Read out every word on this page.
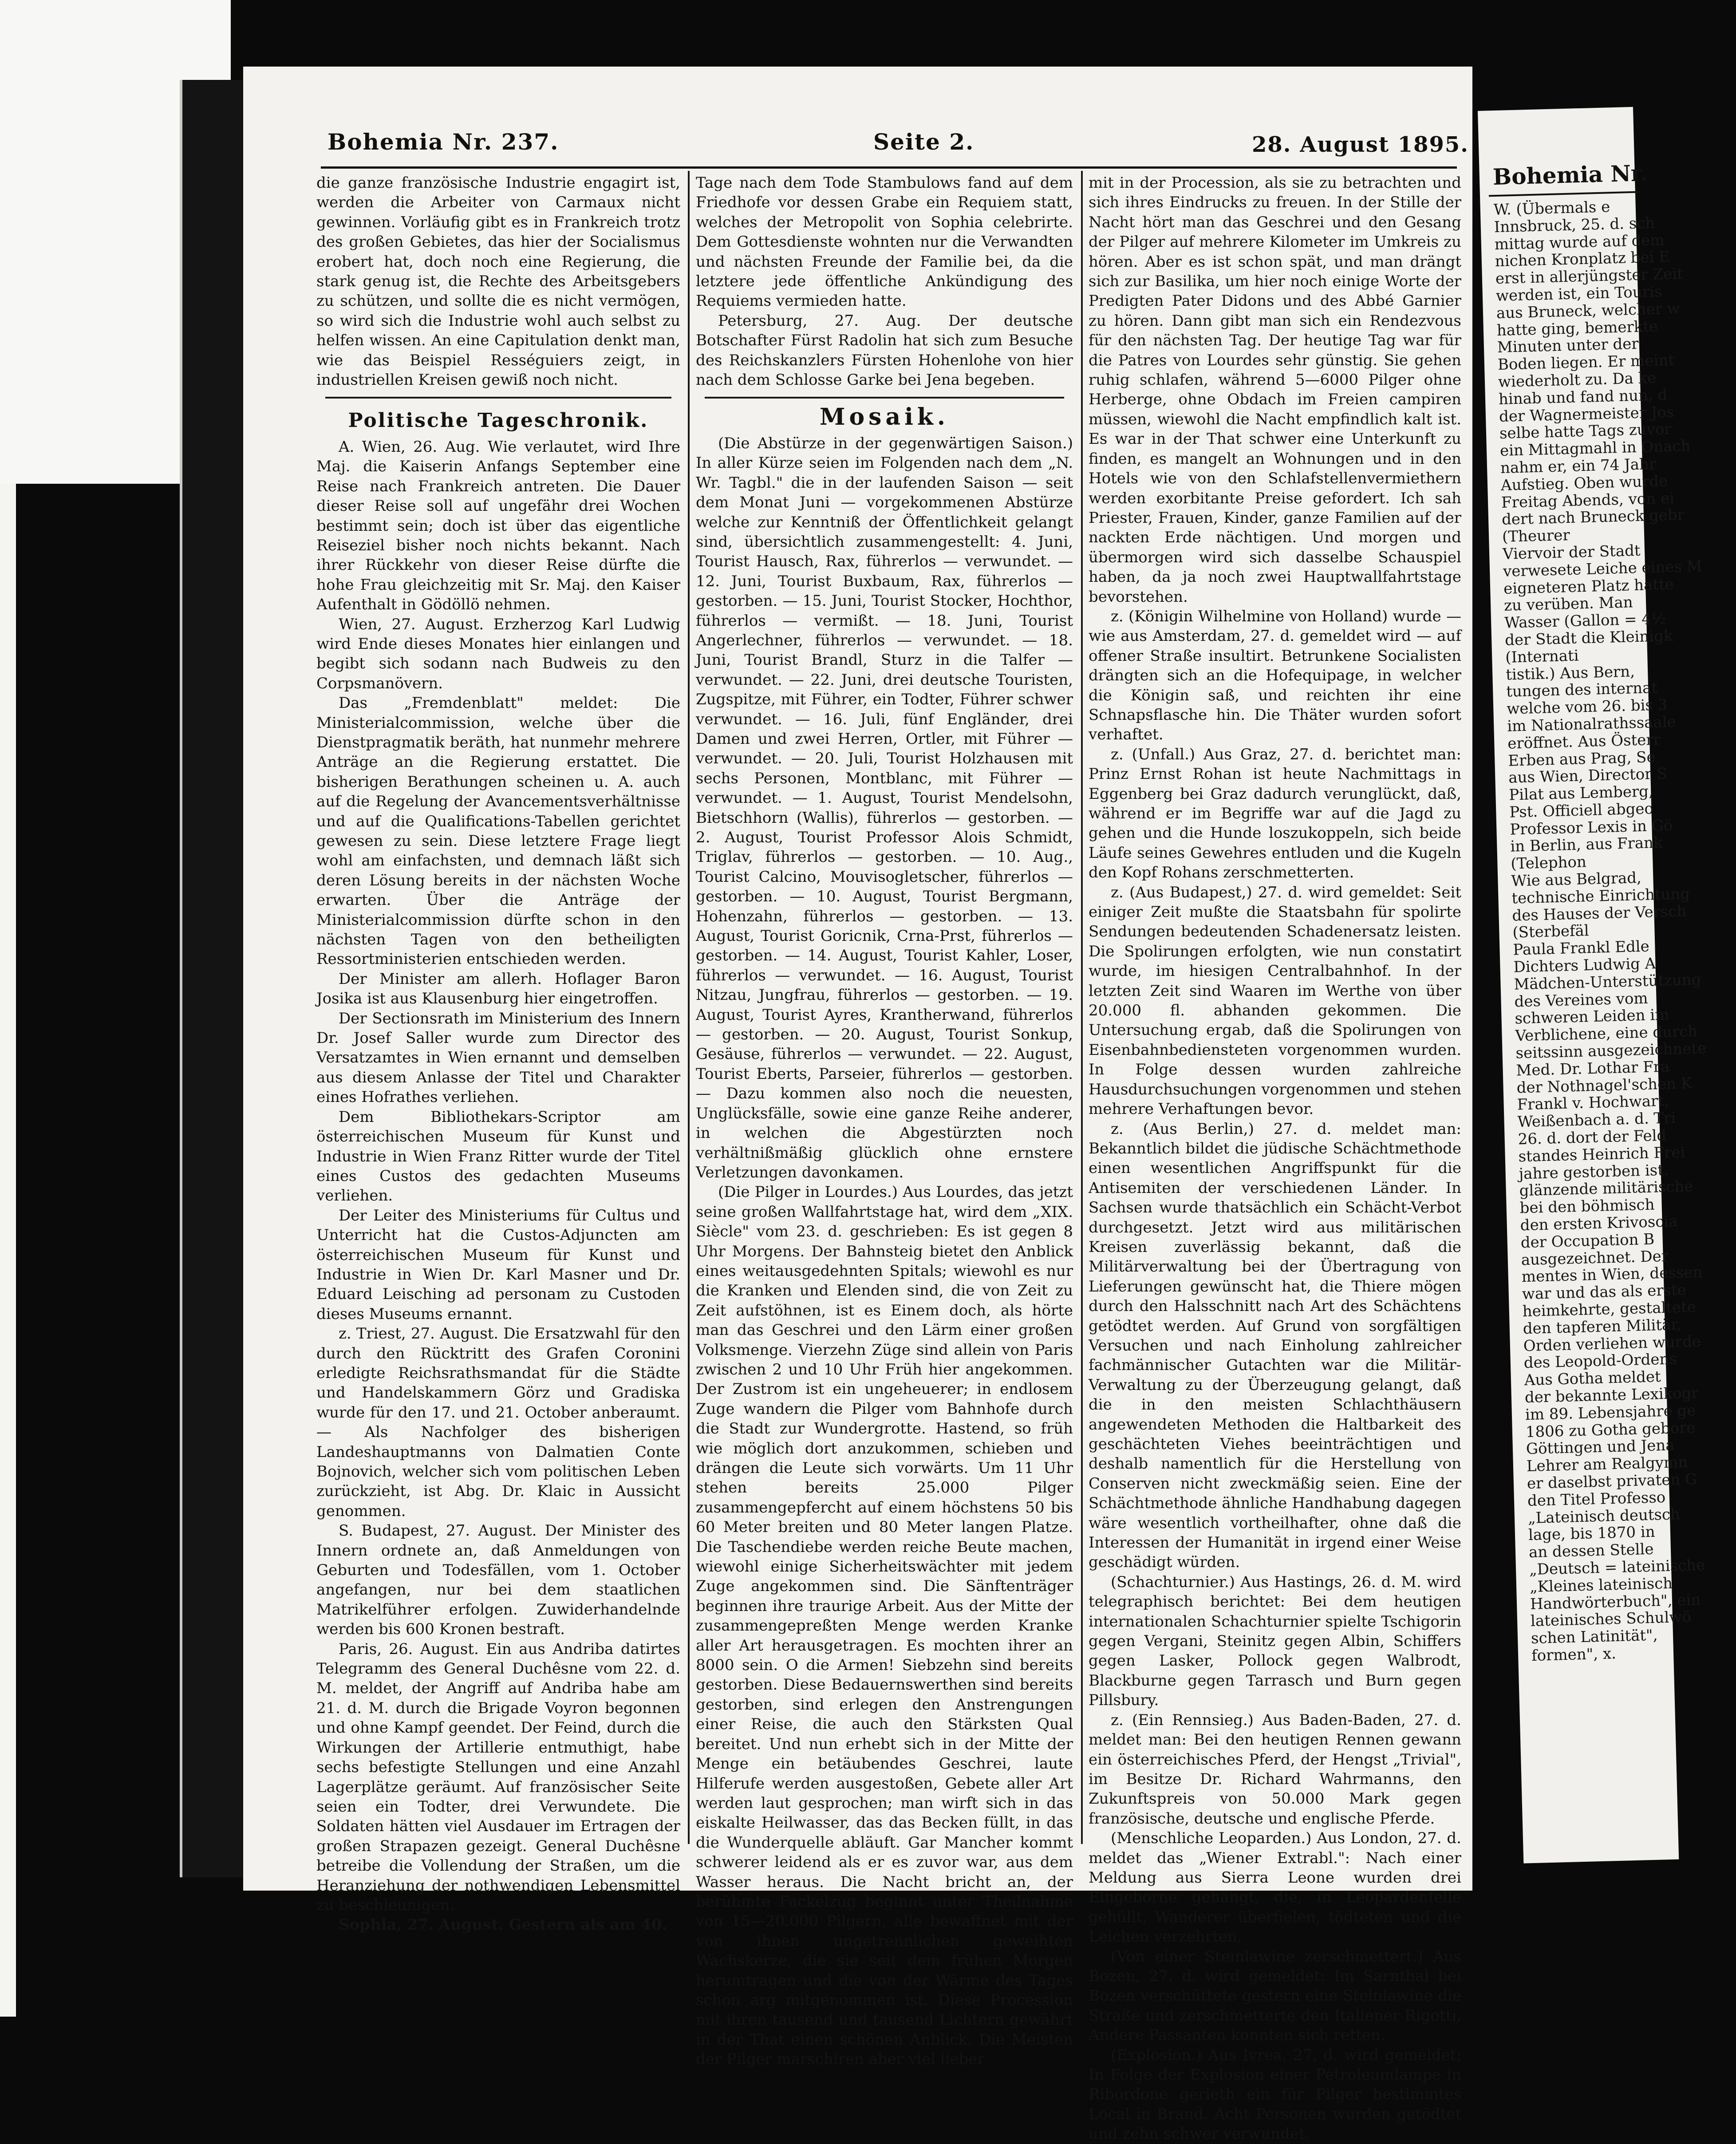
Bohemia Nr. 237.	Seite 2.	28. August 1895.

die ganze französische Industrie engagirt ist, werden die Arbeiter von Carmaux nicht gewinnen. Vorläufig gibt es in Frankreich trotz des großen Gebietes, das hier der Socialismus erobert hat, doch noch eine Regierung, die stark genug ist, die Rechte des Arbeitsgebers zu schützen, und sollte die es nicht vermögen, so wird sich die Industrie wohl auch selbst zu helfen wissen. An eine Capitulation denkt man, wie das Beispiel Rességuiers zeigt, in industriellen Kreisen gewiß noch nicht.

Politische Tageschronik.

A. Wien, 26. Aug. Wie verlautet, wird Ihre Maj. die Kaiserin Anfangs September eine Reise nach Frankreich antreten. Die Dauer dieser Reise soll auf ungefähr drei Wochen bestimmt sein; doch ist über das eigentliche Reiseziel bisher noch nichts bekannt. Nach ihrer Rückkehr von dieser Reise dürfte die hohe Frau gleichzeitig mit Sr. Maj. den Kaiser Aufenthalt in Gödöllö nehmen.

Wien, 27. August. Erzherzog Karl Ludwig wird Ende dieses Monates hier einlangen und begibt sich sodann nach Budweis zu den Corpsmanövern.

Das „Fremdenblatt" meldet: Die Ministerialcommission, welche über die Dienstpragmatik beräth, hat nunmehr mehrere Anträge an die Regierung erstattet. Die bisherigen Berathungen scheinen u. A. auch auf die Regelung der Avancementsverhältnisse und auf die Qualifications-Tabellen gerichtet gewesen zu sein. Diese letztere Frage liegt wohl am einfachsten, und demnach läßt sich deren Lösung bereits in der nächsten Woche erwarten. Über die Anträge der Ministerialcommission dürfte schon in den nächsten Tagen von den betheiligten Ressortministerien entschieden werden.

Der Minister am allerh. Hoflager Baron Josika ist aus Klausenburg hier eingetroffen.

Der Sectionsrath im Ministerium des Innern Dr. Josef Saller wurde zum Director des Versatzamtes in Wien ernannt und demselben aus diesem Anlasse der Titel und Charakter eines Hofrathes verliehen.

Dem Bibliothekars-Scriptor am österreichischen Museum für Kunst und Industrie in Wien Franz Ritter wurde der Titel eines Custos des gedachten Museums verliehen.

Der Leiter des Ministeriums für Cultus und Unterricht hat die Custos-Adjuncten am österreichischen Museum für Kunst und Industrie in Wien Dr. Karl Masner und Dr. Eduard Leisching ad personam zu Custoden dieses Museums ernannt.

z. Triest, 27. August. Die Ersatzwahl für den durch den Rücktritt des Grafen Coronini erledigte Reichsrathsmandat für die Städte und Handelskammern Görz und Gradiska wurde für den 17. und 21. October anberaumt. — Als Nachfolger des bisherigen Landeshauptmanns von Dalmatien Conte Bojnovich, welcher sich vom politischen Leben zurückzieht, ist Abg. Dr. Klaic in Aussicht genommen.

S. Budapest, 27. August. Der Minister des Innern ordnete an, daß Anmeldungen von Geburten und Todesfällen, vom 1. October angefangen, nur bei dem staatlichen Matrikelführer erfolgen. Zuwiderhandelnde werden bis 600 Kronen bestraft.

Paris, 26. August. Ein aus Andriba datirtes Telegramm des General Duchêsne vom 22. d. M. meldet, der Angriff auf Andriba habe am 21. d. M. durch die Brigade Voyron begonnen und ohne Kampf geendet. Der Feind, durch die Wirkungen der Artillerie entmuthigt, habe sechs befestigte Stellungen und eine Anzahl Lagerplätze geräumt. Auf französischer Seite seien ein Todter, drei Verwundete. Die Soldaten hätten viel Ausdauer im Ertragen der großen Strapazen gezeigt. General Duchêsne betreibe die Vollendung der Straßen, um die Heranziehung der nothwendigen Lebensmittel zu beschleunigen.

Sophia, 27. August. Gestern als am 40.

Tage nach dem Tode Stambulows fand auf dem Friedhofe vor dessen Grabe ein Requiem statt, welches der Metropolit von Sophia celebrirte. Dem Gottesdienste wohnten nur die Verwandten und nächsten Freunde der Familie bei, da die letztere jede öffentliche Ankündigung des Requiems vermieden hatte.

Petersburg, 27. Aug. Der deutsche Botschafter Fürst Radolin hat sich zum Besuche des Reichskanzlers Fürsten Hohenlohe von hier nach dem Schlosse Garke bei Jena begeben.

Mosaik.

(Die Abstürze in der gegenwärtigen Saison.) In aller Kürze seien im Folgenden nach dem „N. Wr. Tagbl." die in der laufenden Saison — seit dem Monat Juni — vorgekommenen Abstürze welche zur Kenntniß der Öffentlichkeit gelangt sind, übersichtlich zusammengestellt: 4. Juni, Tourist Hausch, Rax, führerlos — verwundet. — 12. Juni, Tourist Buxbaum, Rax, führerlos — gestorben. — 15. Juni, Tourist Stocker, Hochthor, führerlos — vermißt. — 18. Juni, Tourist Angerlechner, führerlos — verwundet. — 18. Juni, Tourist Brandl, Sturz in die Talfer — verwundet. — 22. Juni, drei deutsche Touristen, Zugspitze, mit Führer, ein Todter, Führer schwer verwundet. — 16. Juli, fünf Engländer, drei Damen und zwei Herren, Ortler, mit Führer — verwundet. — 20. Juli, Tourist Holzhausen mit sechs Personen, Montblanc, mit Führer — verwundet. — 1. August, Tourist Mendelsohn, Bietschhorn (Wallis), führerlos — gestorben. — 2. August, Tourist Professor Alois Schmidt, Triglav, führerlos — gestorben. — 10. Aug., Tourist Calcino, Mouvisogletscher, führerlos — gestorben. — 10. August, Tourist Bergmann, Hohenzahn, führerlos — gestorben. — 13. August, Tourist Goricnik, Crna-Prst, führerlos — gestorben. — 14. August, Tourist Kahler, Loser, führerlos — verwundet. — 16. August, Tourist Nitzau, Jungfrau, führerlos — gestorben. — 19. August, Tourist Ayres, Krantherwand, führerlos — gestorben. — 20. August, Tourist Sonkup, Gesäuse, führerlos — verwundet. — 22. August, Tourist Eberts, Parseier, führerlos — gestorben. — Dazu kommen also noch die neuesten, Unglücksfälle, sowie eine ganze Reihe anderer, in welchen die Abgestürzten noch verhältnißmäßig glücklich ohne ernstere Verletzungen davonkamen.

(Die Pilger in Lourdes.) Aus Lourdes, das jetzt seine großen Wallfahrtstage hat, wird dem „XIX. Siècle" vom 23. d. geschrieben: Es ist gegen 8 Uhr Morgens. Der Bahnsteig bietet den Anblick eines weitausgedehnten Spitals; wiewohl es nur die Kranken und Elenden sind, die von Zeit zu Zeit aufstöhnen, ist es Einem doch, als hörte man das Geschrei und den Lärm einer großen Volksmenge. Vierzehn Züge sind allein von Paris zwischen 2 und 10 Uhr Früh hier angekommen. Der Zustrom ist ein ungeheuerer; in endlosem Zuge wandern die Pilger vom Bahnhofe durch die Stadt zur Wundergrotte. Hastend, so früh wie möglich dort anzukommen, schieben und drängen die Leute sich vorwärts. Um 11 Uhr stehen bereits 25.000 Pilger zusammengepfercht auf einem höchstens 50 bis 60 Meter breiten und 80 Meter langen Platze. Die Taschendiebe werden reiche Beute machen, wiewohl einige Sicherheitswächter mit jedem Zuge angekommen sind. Die Sänftenträger beginnen ihre traurige Arbeit. Aus der Mitte der zusammengepreßten Menge werden Kranke aller Art herausgetragen. Es mochten ihrer an 8000 sein. O die Armen! Siebzehn sind bereits gestorben. Diese Bedauernswerthen sind bereits gestorben, sind erlegen den Anstrengungen einer Reise, die auch den Stärksten Qual bereitet. Und nun erhebt sich in der Mitte der Menge ein betäubendes Geschrei, laute Hilferufe werden ausgestoßen, Gebete aller Art werden laut gesprochen; man wirft sich in das eiskalte Heilwasser, das das Becken füllt, in das die Wunderquelle abläuft. Gar Mancher kommt schwerer leidend als er es zuvor war, aus dem Wasser heraus. Die Nacht bricht an, der berühmte Fackelzug beginnt unter Theilnahme von 15—20.000 Pilgern, alle bewaffnet mit der von ihnen ungetrennlichen geweihten Wachskerze, die sie seit dem frühen Morgen herumtragen und die von der Wärme des Tages schon arg mitgenommen ist. Diese Procession mit ihren tausend und tausend Lichtern gewährt in der That einen schönen Anblick. Die Meisten der Pilger marschiren aber viel lieber

mit in der Procession, als sie zu betrachten und sich ihres Eindrucks zu freuen. In der Stille der Nacht hört man das Geschrei und den Gesang der Pilger auf mehrere Kilometer im Umkreis zu hören. Aber es ist schon spät, und man drängt sich zur Basilika, um hier noch einige Worte der Predigten Pater Didons und des Abbé Garnier zu hören. Dann gibt man sich ein Rendezvous für den nächsten Tag. Der heutige Tag war für die Patres von Lourdes sehr günstig. Sie gehen ruhig schlafen, während 5—6000 Pilger ohne Herberge, ohne Obdach im Freien campiren müssen, wiewohl die Nacht empfindlich kalt ist. Es war in der That schwer eine Unterkunft zu finden, es mangelt an Wohnungen und in den Hotels wie von den Schlafstellenvermiethern werden exorbitante Preise gefordert. Ich sah Priester, Frauen, Kinder, ganze Familien auf der nackten Erde nächtigen. Und morgen und übermorgen wird sich dasselbe Schauspiel haben, da ja noch zwei Hauptwallfahrtstage bevorstehen.

z. (Königin Wilhelmine von Holland) wurde — wie aus Amsterdam, 27. d. gemeldet wird — auf offener Straße insultirt. Betrunkene Socialisten drängten sich an die Hofequipage, in welcher die Königin saß, und reichten ihr eine Schnapsflasche hin. Die Thäter wurden sofort verhaftet.

z. (Unfall.) Aus Graz, 27. d. berichtet man: Prinz Ernst Rohan ist heute Nachmittags in Eggenberg bei Graz dadurch verunglückt, daß, während er im Begriffe war auf die Jagd zu gehen und die Hunde loszukoppeln, sich beide Läufe seines Gewehres entluden und die Kugeln den Kopf Rohans zerschmetterten.

z. (Aus Budapest,) 27. d. wird gemeldet: Seit einiger Zeit mußte die Staatsbahn für spolirte Sendungen bedeutenden Schadenersatz leisten. Die Spolirungen erfolgten, wie nun constatirt wurde, im hiesigen Centralbahnhof. In der letzten Zeit sind Waaren im Werthe von über 20.000 fl. abhanden gekommen. Die Untersuchung ergab, daß die Spolirungen von Eisenbahnbediensteten vorgenommen wurden. In Folge dessen wurden zahlreiche Hausdurchsuchungen vorgenommen und stehen mehrere Verhaftungen bevor.

z. (Aus Berlin,) 27. d. meldet man: Bekanntlich bildet die jüdische Schächtmethode einen wesentlichen Angriffspunkt für die Antisemiten der verschiedenen Länder. In Sachsen wurde thatsächlich ein Schächt-Verbot durchgesetzt. Jetzt wird aus militärischen Kreisen zuverlässig bekannt, daß die Militärverwaltung bei der Übertragung von Lieferungen gewünscht hat, die Thiere mögen durch den Halsschnitt nach Art des Schächtens getödtet werden. Auf Grund von sorgfältigen Versuchen und nach Einholung zahlreicher fachmännischer Gutachten war die Militär-Verwaltung zu der Überzeugung gelangt, daß die in den meisten Schlachthäusern angewendeten Methoden die Haltbarkeit des geschächteten Viehes beeinträchtigen und deshalb namentlich für die Herstellung von Conserven nicht zweckmäßig seien. Eine der Schächtmethode ähnliche Handhabung dagegen wäre wesentlich vortheilhafter, ohne daß die Interessen der Humanität in irgend einer Weise geschädigt würden.

(Schachturnier.) Aus Hastings, 26. d. M. wird telegraphisch berichtet: Bei dem heutigen internationalen Schachturnier spielte Tschigorin gegen Vergani, Steinitz gegen Albin, Schiffers gegen Lasker, Pollock gegen Walbrodt, Blackburne gegen Tarrasch und Burn gegen Pillsbury.

z. (Ein Rennsieg.) Aus Baden-Baden, 27. d. meldet man: Bei den heutigen Rennen gewann ein österreichisches Pferd, der Hengst „Trivial", im Besitze Dr. Richard Wahrmanns, den Zukunftspreis von 50.000 Mark gegen französische, deutsche und englische Pferde.

(Menschliche Leoparden.) Aus London, 27. d. meldet das „Wiener Extrabl.": Nach einer Meldung aus Sierra Leone wurden drei Eingeborne gehängt, die, in Leopardenfelle gehüllt, Wanderer überfielen, tödteten und die Leichen verzehrten.

(Von einer Steinlawine zerschmettert.) Aus Bozen, 27. d. wird gemeldet: Im Sarnthal bei Bozen verschüttete gestern eine Steinlawine die Straße und zerschmetterte den Italiener Rigotti. Andere Passanten konnten sich retten.

(Explosion.) Aus Ivrea, 27. d. wird gemeldet: In Folge der Explosion einer Petroleumlampe in Ribordone gerieth ein für Pilger bestimmtes Local in Brand. Acht Personen wurden getödtet und zehn schwer verwundet.

Bohemia Nr.
W. (Übermals e
Innsbruck, 25. d. sch
mittag wurde auf dem
nichen Kronplatz bei E
erst in allerjüngster Zeit
werden ist, ein Touris
aus Bruneck, welcher w
hatte ging, bemerkte
Minuten unter der
Boden liegen. Er meint
wiederholt zu. Da ke
hinab und fand nun, d
der Wagnermeister Jos
selbe hatte Tags zuvor
ein Mittagmahl in Onach
nahm er, ein 74 Jahr
Aufstieg. Oben wurde
Freitag Abends, von ei
dert nach Bruneck gebr
(Theurer
Viervoir der Stadt
verwesete Leiche eines M
eigneteren Platz hatte
zu verüben. Man
Wasser (Gallon = 4½
der Stadt die Kleinigk
(Internati
tistik.) Aus Bern,
tungen des internat
welche vom 26. bis 3
im Nationalrathssaale
eröffnet. Aus Österr
Erben aus Prag, Se
aus Wien, Director S
Pilat aus Lemberg,
Pst. Officiell abgeo
Professor Lexis in Gö
in Berlin, aus Frank
(Telephon
Wie aus Belgrad,
technische Einrichtung
des Hauses der Versch
(Sterbefäl
Paula Frankl Edle
Dichters Ludwig A
Mädchen-Unterstützung
des Vereines vom
schweren Leiden im
Verblichene, eine durch
seitssinn ausgezeichnete
Med. Dr. Lothar Fra
der Nothnagel'schen K
Frankl v. Hochwart,
Weißenbach a. d. Tri
26. d. dort der Feld
standes Heinrich Frei
jahre gestorben ist.
glänzende militärische
bei den böhmisch
den ersten Krivoscia
der Occupation B
ausgezeichnet. Der
mentes in Wien, dessen
war und das als erste
heimkehrte, gestaltete
den tapferen Militär,
Orden verliehen wurde
des Leopold-Ordens
Aus Gotha meldet
der bekannte Lexikogr
im 89. Lebensjahre ge
1806 zu Gotha gebore
Göttingen und Jena
Lehrer am Realgymn
er daselbst privaten G
den Titel Professo
„Lateinisch deutsch
lage, bis 1870 in
an dessen Stelle
„Deutsch = lateinische
„Kleines lateinisch
Handwörterbuch", ein
lateinisches Schulwö
schen Latinität",
formen", x.
